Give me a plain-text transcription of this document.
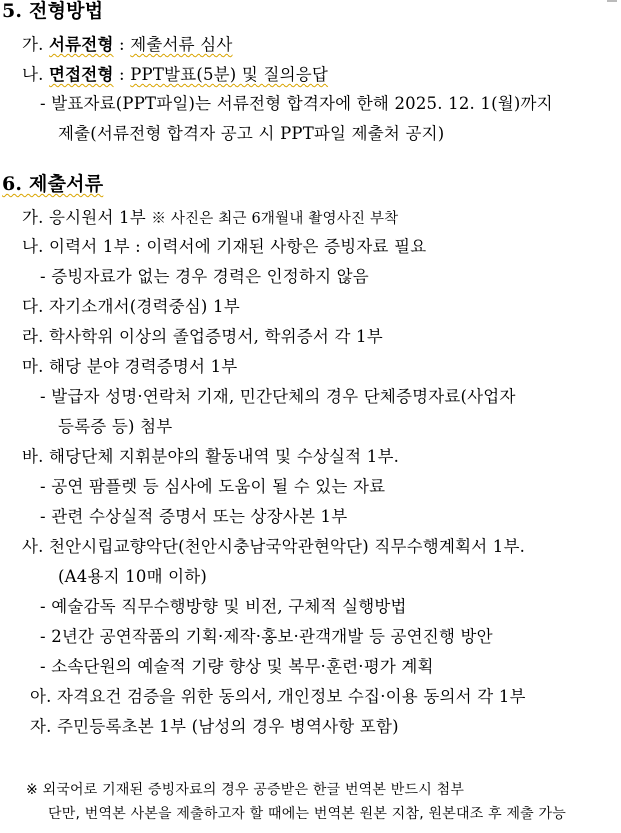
5. 전형방법
가. 서류전형 : 제출서류 심사
나. 면접전형 : PPT발표(5분) 및 질의응답
- 발표자료(PPT파일)는 서류전형 합격자에 한해 2025. 12. 1(월)까지
제출(서류전형 합격자 공고 시 PPT파일 제출처 공지)
6. 제출서류
가. 응시원서 1부 ※ 사진은 최근 6개월내 촬영사진 부착
나. 이력서 1부 : 이력서에 기재된 사항은 증빙자료 필요
- 증빙자료가 없는 경우 경력은 인정하지 않음
다. 자기소개서(경력중심) 1부
라. 학사학위 이상의 졸업증명서, 학위증서 각 1부
마. 해당 분야 경력증명서 1부
- 발급자 성명·연락처 기재, 민간단체의 경우 단체증명자료(사업자
등록증 등) 첨부
바. 해당단체 지휘분야의 활동내역 및 수상실적 1부.
- 공연 팜플렛 등 심사에 도움이 될 수 있는 자료
- 관련 수상실적 증명서 또는 상장사본 1부
사. 천안시립교향악단(천안시충남국악관현악단) 직무수행계획서 1부.
(A4용지 10매 이하)
- 예술감독 직무수행방향 및 비전, 구체적 실행방법
- 2년간 공연작품의 기획·제작·홍보·관객개발 등 공연진행 방안
- 소속단원의 예술적 기량 향상 및 복무·훈련·평가 계획
아. 자격요건 검증을 위한 동의서, 개인정보 수집·이용 동의서 각 1부
자. 주민등록초본 1부 (남성의 경우 병역사항 포함)
※ 외국어로 기재된 증빙자료의 경우 공증받은 한글 번역본 반드시 첨부
단만, 번역본 사본을 제출하고자 할 때에는 번역본 원본 지참, 원본대조 후 제출 가능
